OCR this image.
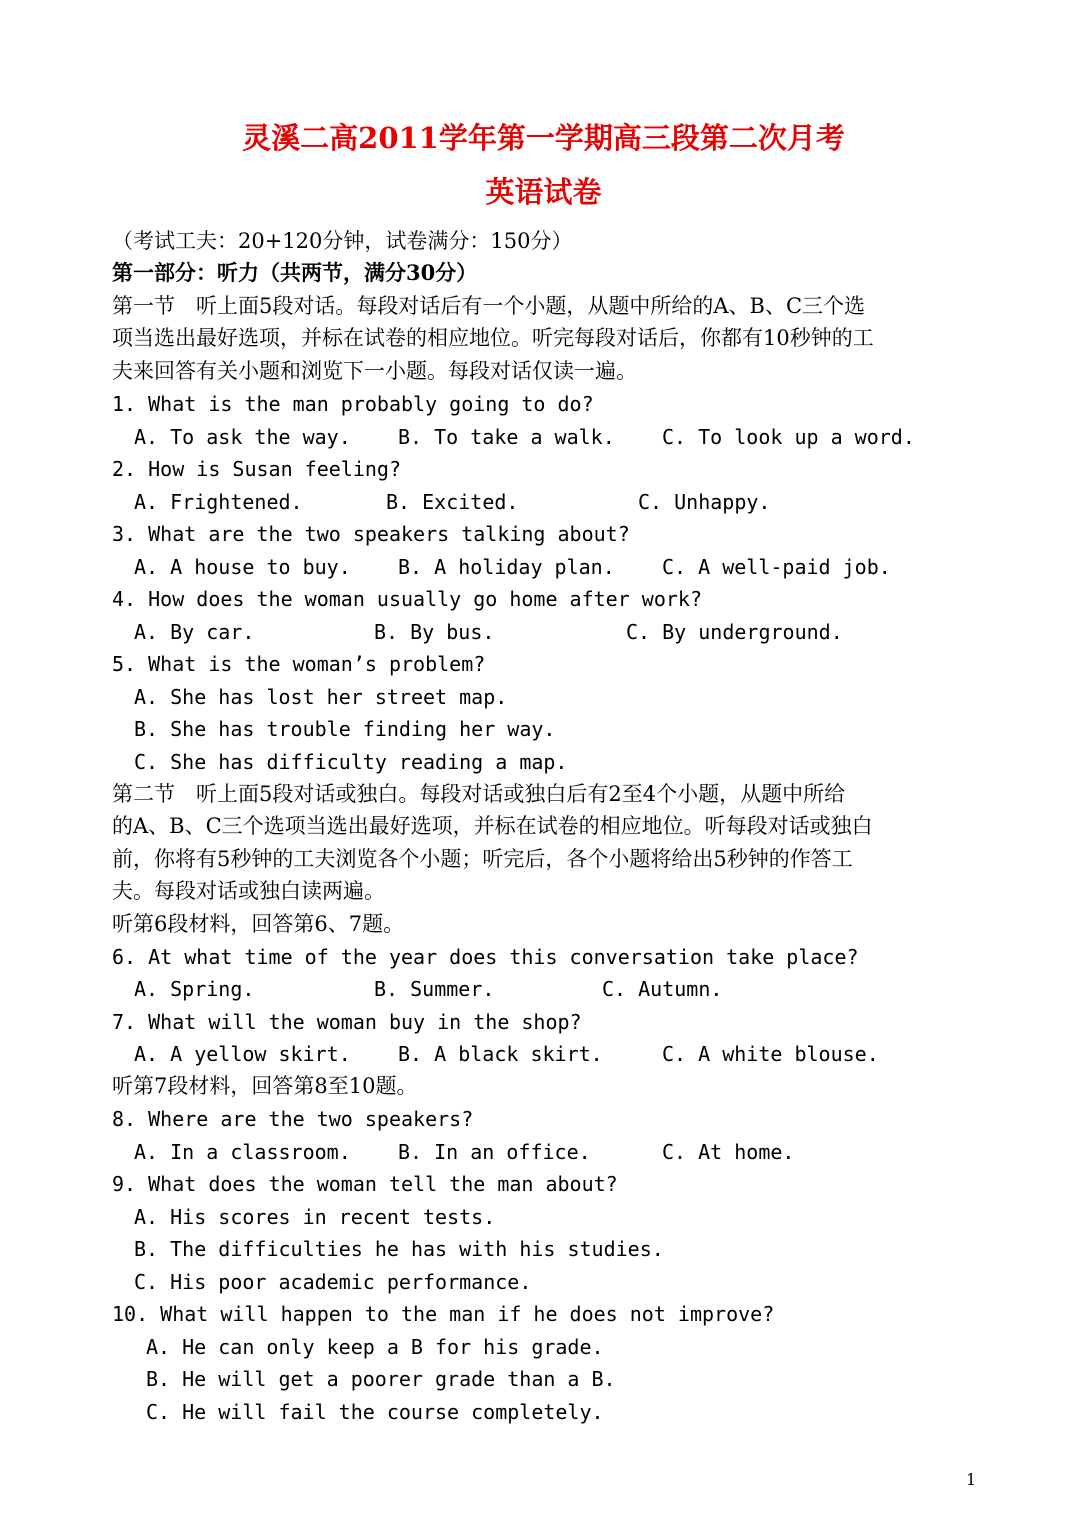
灵溪二高2011学年第一学期高三段第二次月考
英语试卷
（考试工夫：20+120分钟，试卷满分：150分）
第一部分：听力（共两节，满分30分）
第一节　听上面5段对话。每段对话后有一个小题，从题中所给的A、B、C三个选
项当选出最好选项，并标在试卷的相应地位。听完每段对话后，你都有10秒钟的工
夫来回答有关小题和浏览下一小题。每段对话仅读一遍。
1. What is the man probably going to do?
A. To ask the way. B. To take a walk. C. To look up a word.
2. How is Susan feeling?
A. Frightened.	B. Excited.	C. Unhappy.
3. What are the two speakers talking about?
A. A house to buy. B. A holiday plan. C. A well-paid job.
4. How does the woman usually go home after work?
A. By car.	B. By bus.	C. By underground.
5. What is the woman’s problem?
A. She has lost her street map.
B. She has trouble finding her way.
C. She has difficulty reading a map.
第二节　听上面5段对话或独白。每段对话或独白后有2至4个小题，从题中所给
的A、B、C三个选项当选出最好选项，并标在试卷的相应地位。听每段对话或独白
前，你将有5秒钟的工夫浏览各个小题；听完后，各个小题将给出5秒钟的作答工
夫。每段对话或独白读两遍。
听第6段材料，回答第6、7题。
6. At what time of the year does this conversation take place?
A. Spring.	B. Summer.	C. Autumn.
7. What will the woman buy in the shop?
A. A yellow skirt. B. A black skirt.	C. A white blouse.
听第7段材料，回答第8至10题。
8. Where are the two speakers?
A. In a classroom. B. In an office.	C. At home.
9. What does the woman tell the man about?
A. His scores in recent tests.
B. The difficulties he has with his studies.
C. His poor academic performance.
10. What will happen to the man if he does not improve?
A. He can only keep a B for his grade.
B. He will get a poorer grade than a B.
C. He will fail the course completely.
1
